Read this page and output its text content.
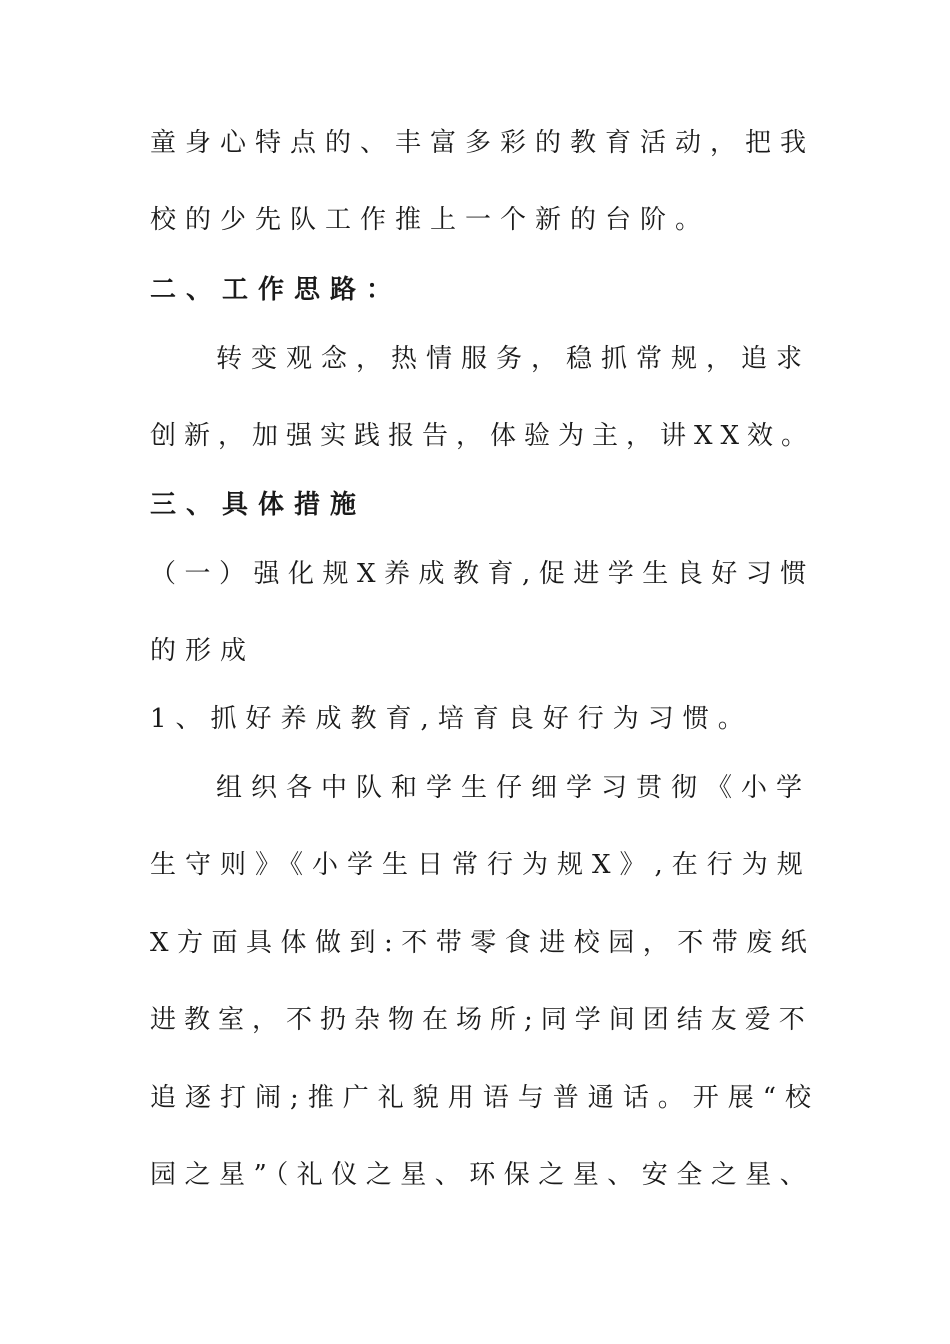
童身心特点的、丰富多彩的教育活动，把我

校的少先队工作推上一个新的台阶。

二、工作思路：

转变观念，热情服务，稳抓常规，追求

创新，加强实践报告，体验为主，讲XX效。

三、具体措施

（一）强化规X养成教育,促进学生良好习惯

的形成

1、抓好养成教育,培育良好行为习惯。

组织各中队和学生仔细学习贯彻《小学

生守则》《小学生日常行为规X》,在行为规

X方面具体做到:不带零食进校园，不带废纸

进教室，不扔杂物在场所;同学间团结友爱不

追逐打闹;推广礼貌用语与普通话。开展“校

园之星”（礼仪之星、环保之星、安全之星、
